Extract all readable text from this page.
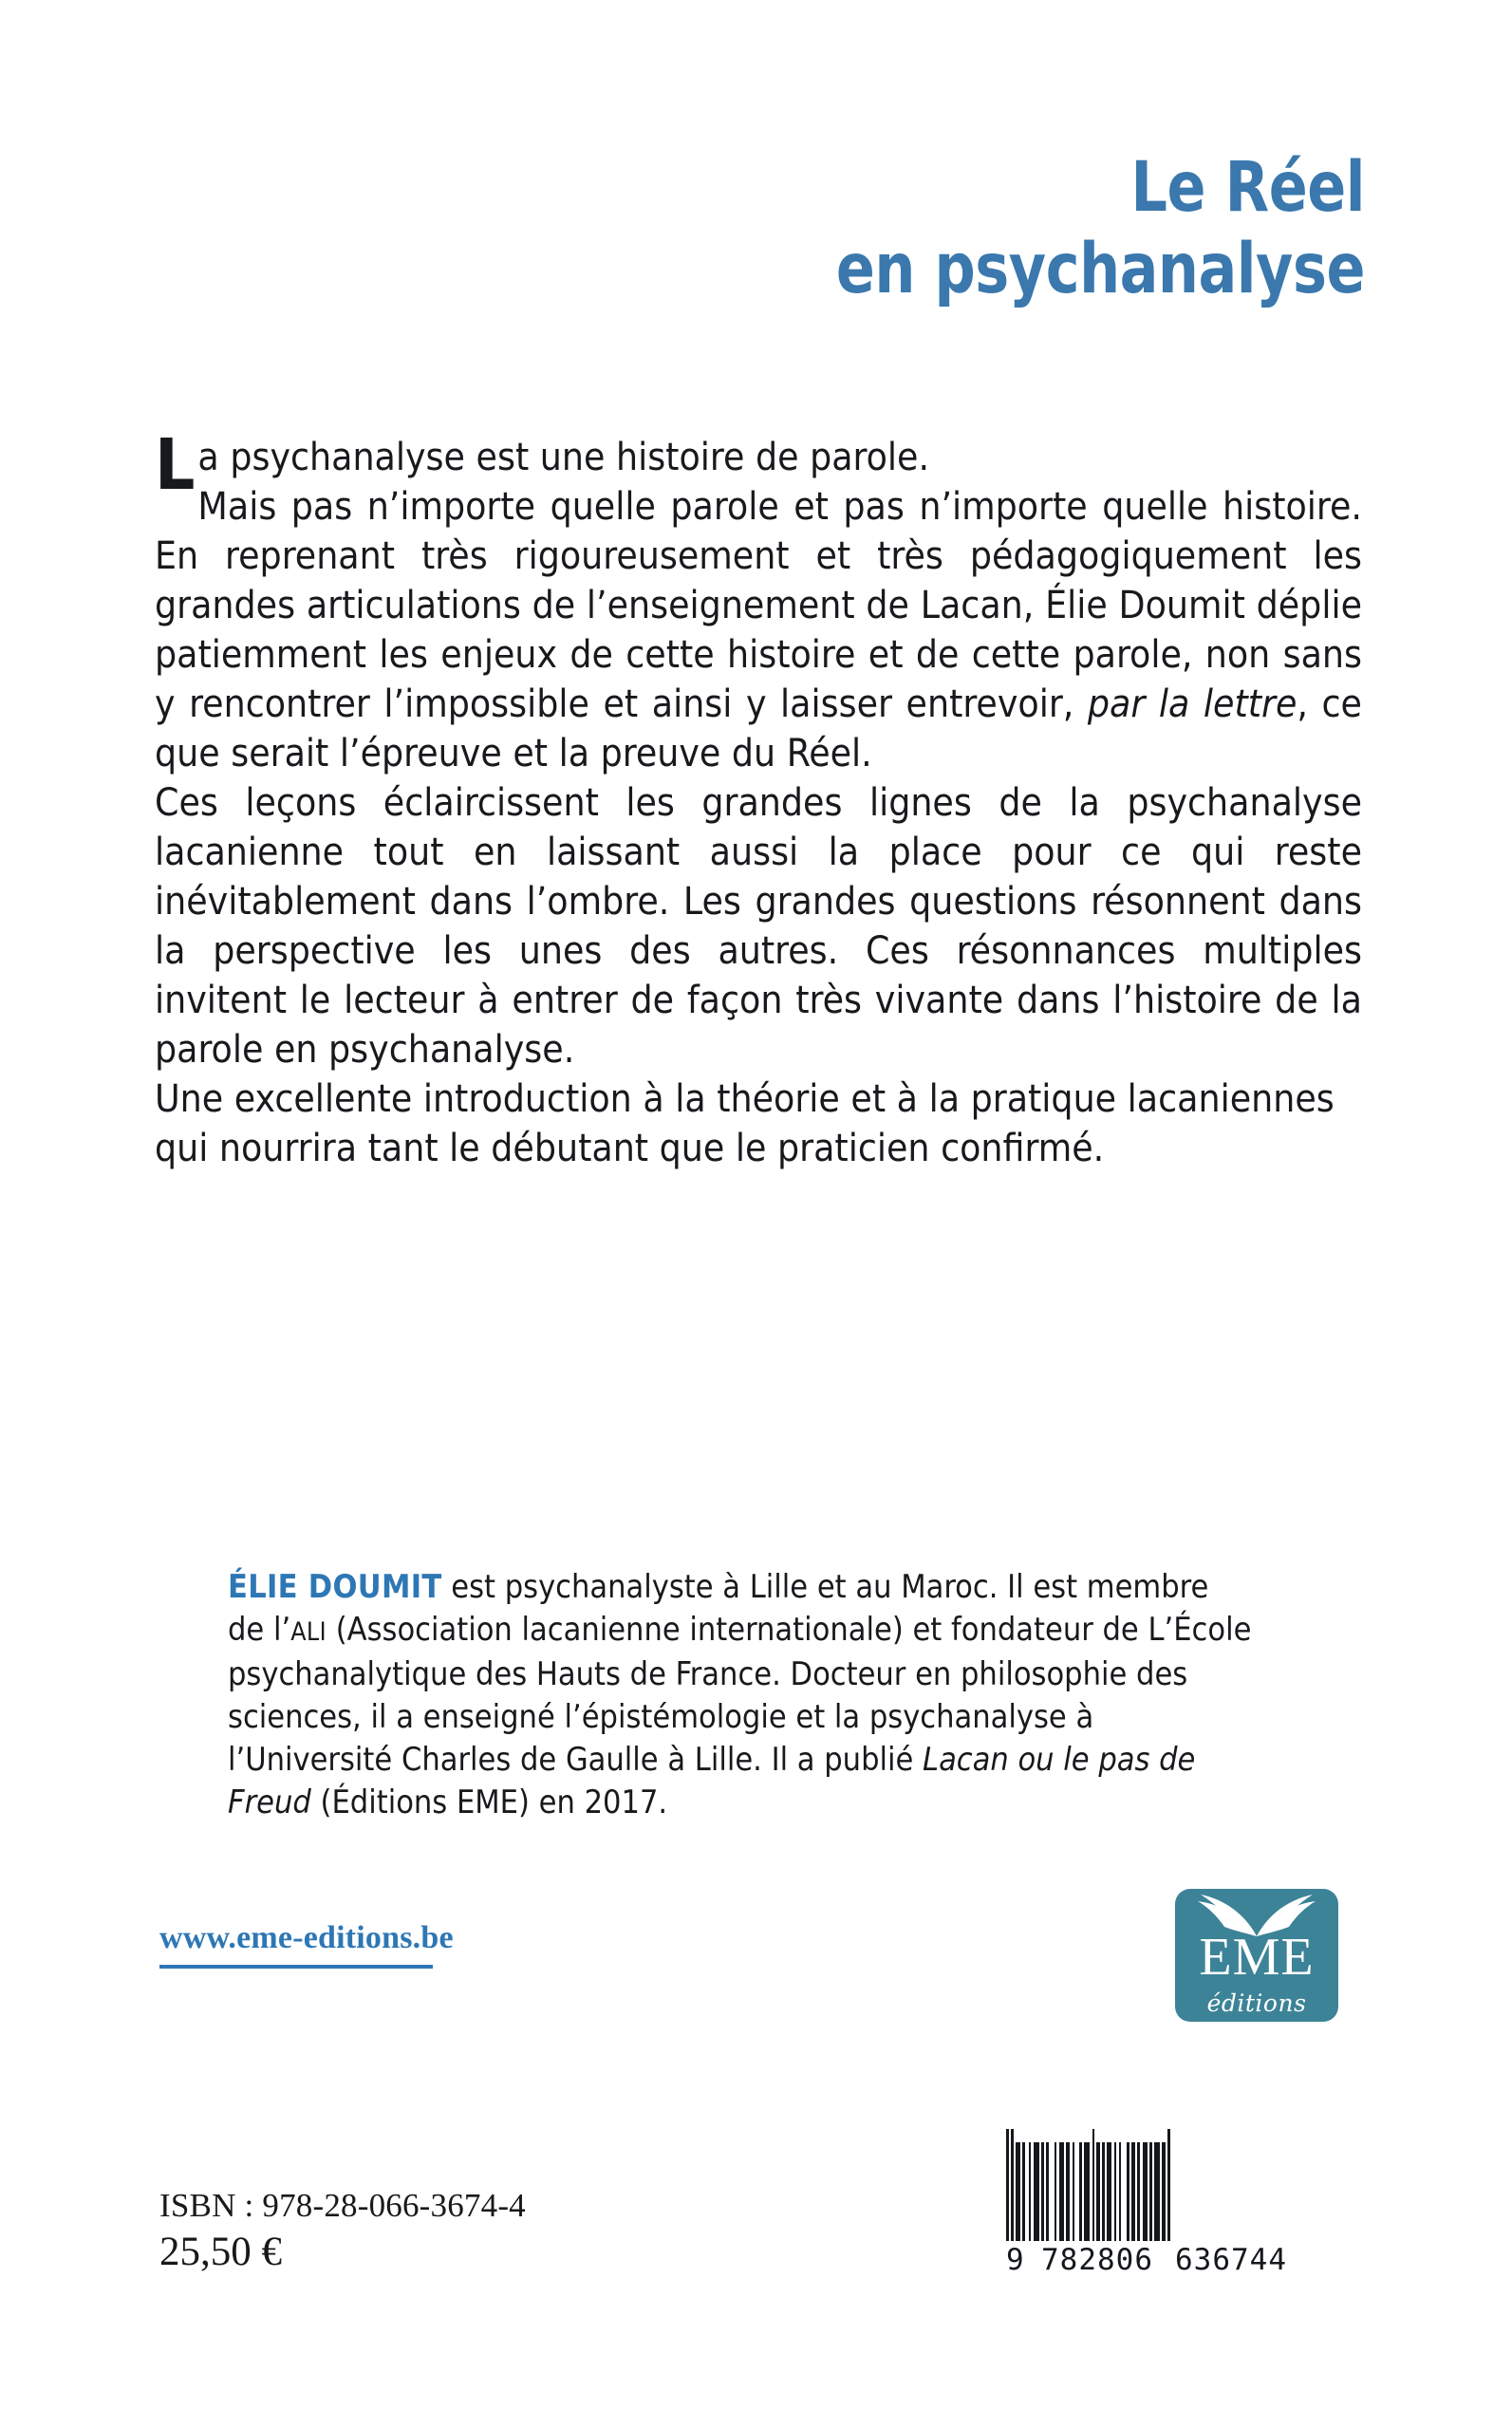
Le Réel
en psychanalyse

La psychanalyse est une histoire de parole.

Mais pas n’importe quelle parole et pas n’importe quelle histoire. En reprenant très rigoureusement et très pédagogiquement les grandes articulations de l’enseignement de Lacan, Élie Doumit déplie patiemment les enjeux de cette histoire et de cette parole, non sans y rencontrer l’impossible et ainsi y laisser entrevoir, par la lettre, ce que serait l’épreuve et la preuve du Réel.

Ces leçons éclaircissent les grandes lignes de la psychanalyse lacanienne tout en laissant aussi la place pour ce qui reste inévitablement dans l’ombre. Les grandes questions résonnent dans la perspective les unes des autres. Ces résonnances multiples invitent le lecteur à entrer de façon très vivante dans l’histoire de la parole en psychanalyse.

Une excellente introduction à la théorie et à la pratique lacaniennes qui nourrira tant le débutant que le praticien confirmé.

ÉLIE DOUMIT est psychanalyste à Lille et au Maroc. Il est membre de l’ALI (Association lacanienne internationale) et fondateur de L’École psychanalytique des Hauts de France. Docteur en philosophie des sciences, il a enseigné l’épistémologie et la psychanalyse à l’Université Charles de Gaulle à Lille. Il a publié Lacan ou le pas de Freud (Éditions EME) en 2017.

www.eme-editions.be	EME
éditions
9 782806 636744
ISBN : 978-28-066-3674-4
25,50 €
